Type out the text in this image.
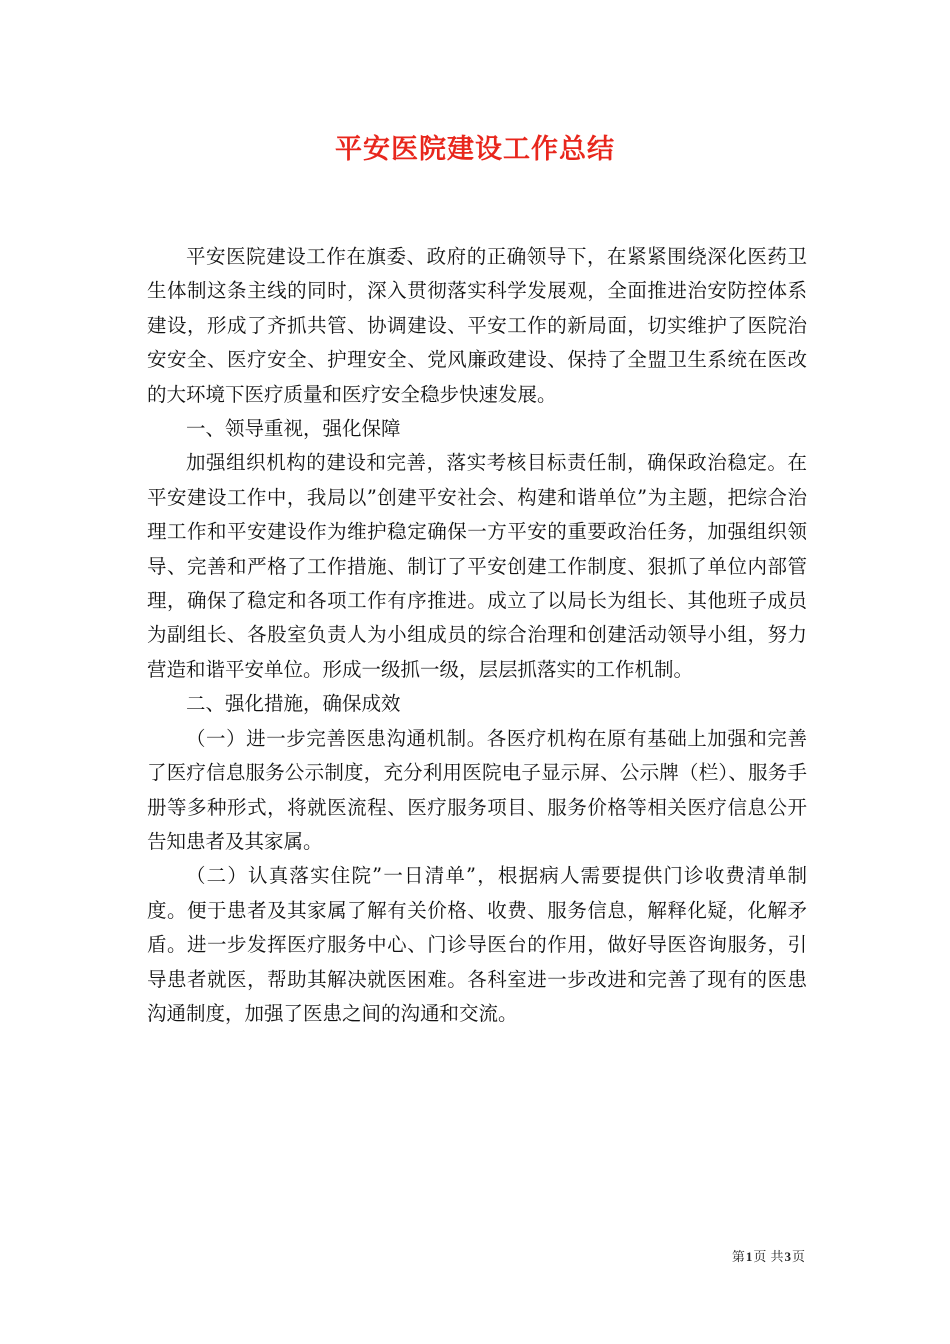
平安医院建设工作总结

平安医院建设工作在旗委、政府的正确领导下，在紧紧围绕深化医药卫生体制这条主线的同时，深入贯彻落实科学发展观，全面推进治安防控体系建设，形成了齐抓共管、协调建设、平安工作的新局面，切实维护了医院治安安全、医疗安全、护理安全、党风廉政建设、保持了全盟卫生系统在医改的大环境下医疗质量和医疗安全稳步快速发展。

一、领导重视，强化保障

加强组织机构的建设和完善，落实考核目标责任制，确保政治稳定。在平安建设工作中，我局以”创建平安社会、构建和谐单位”为主题，把综合治理工作和平安建设作为维护稳定确保一方平安的重要政治任务，加强组织领导、完善和严格了工作措施、制订了平安创建工作制度、狠抓了单位内部管理，确保了稳定和各项工作有序推进。成立了以局长为组长、其他班子成员为副组长、各股室负责人为小组成员的综合治理和创建活动领导小组，努力营造和谐平安单位。形成一级抓一级，层层抓落实的工作机制。

二、强化措施，确保成效

（一）进一步完善医患沟通机制。各医疗机构在原有基础上加强和完善了医疗信息服务公示制度，充分利用医院电子显示屏、公示牌（栏）、服务手册等多种形式，将就医流程、医疗服务项目、服务价格等相关医疗信息公开告知患者及其家属。

（二）认真落实住院”一日清单”，根据病人需要提供门诊收费清单制度。便于患者及其家属了解有关价格、收费、服务信息，解释化疑，化解矛盾。进一步发挥医疗服务中心、门诊导医台的作用，做好导医咨询服务，引导患者就医，帮助其解决就医困难。各科室进一步改进和完善了现有的医患沟通制度，加强了医患之间的沟通和交流。

第1页 共3页
